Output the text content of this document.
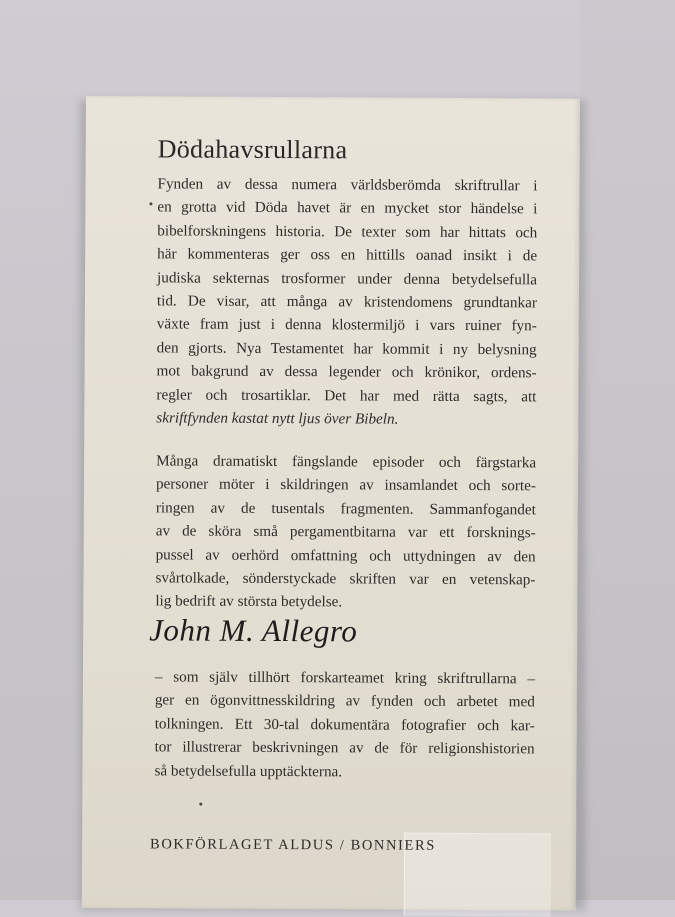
Dödahavsrullarna
Fynden av dessa numera världsberömda skriftrullar i
en grotta vid Döda havet är en mycket stor händelse i
bibelforskningens historia. De texter som har hittats och
här kommenteras ger oss en hittills oanad insikt i de
judiska sekternas trosformer under denna betydelsefulla
tid. De visar, att många av kristendomens grundtankar
växte fram just i denna klostermiljö i vars ruiner fyn-
den gjorts. Nya Testamentet har kommit i ny belysning
mot bakgrund av dessa legender och krönikor, ordens-
regler och trosartiklar. Det har med rätta sagts, att
skriftfynden kastat nytt ljus över Bibeln.
Många dramatiskt fängslande episoder och färgstarka
personer möter i skildringen av insamlandet och sorte-
ringen av de tusentals fragmenten. Sammanfogandet
av de sköra små pergamentbitarna var ett forsknings-
pussel av oerhörd omfattning och uttydningen av den
svårtolkade, sönderstyckade skriften var en vetenskap-
lig bedrift av största betydelse.
John M. Allegro
– som själv tillhört forskarteamet kring skriftrullarna –
ger en ögonvittnesskildring av fynden och arbetet med
tolkningen. Ett 30-tal dokumentära fotografier och kar-
tor illustrerar beskrivningen av de för religionshistorien
så betydelsefulla upptäckterna.
BOKFÖRLAGET ALDUS / BONNIERS
